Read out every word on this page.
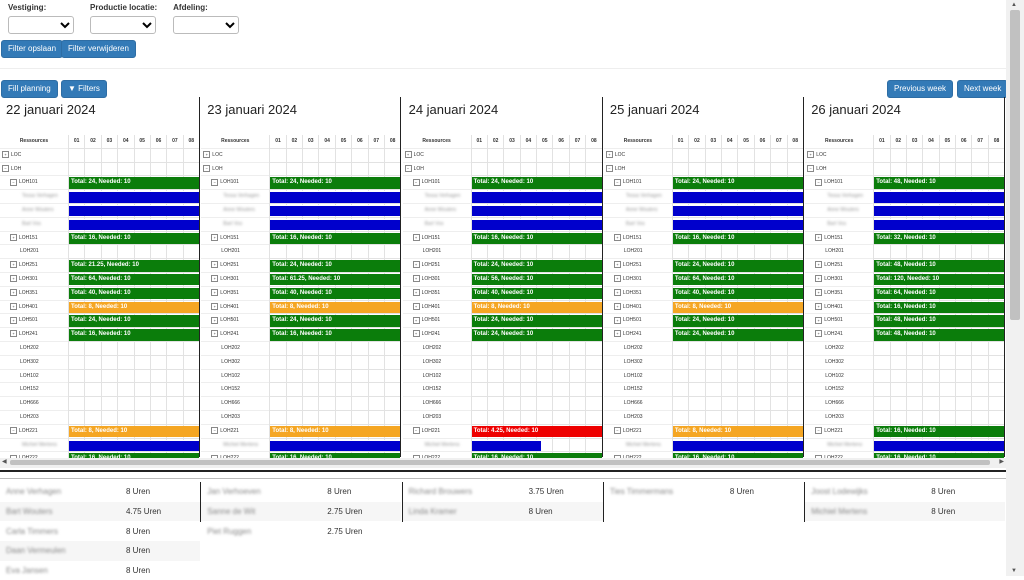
Vestiging:	Productie locatie: Afdeling:
Filter opslaan	Filter verwijderen
Fill planning	▼ Filters	Previous week	Next week
22 januari 2024
Ressources	01	02	03	04	05	06	07	08
+ LOC
− LOH
− LOH101	Total: 24, Needed: 10
Tessa Verhagen
Anne Wouters
Bart Vos
+ LOH151	Total: 16, Needed: 10
LOH201
+ LOH251	Total: 21.25, Needed: 10
+ LOH301	Total: 64, Needed: 10
+ LOH351	Total: 40, Needed: 10
+ LOH401	Total: 8, Needed: 10
+ LOH501	Total: 24, Needed: 10
+ LOH241	Total: 16, Needed: 10
LOH202
LOH302
LOH102
LOH152
LOH666
LOH203
− LOH221	Total: 8, Needed: 10
Michiel Mertens
23 januari 2024
Ressources	01	02	03	04	05	06	07	08
+ LOC
− LOH
− LOH101	Total: 24, Needed: 10
Tessa Verhagen
Anne Wouters
Bart Vos
+ LOH151	Total: 16, Needed: 10
LOH201
+ LOH251	Total: 24, Needed: 10
+ LOH301	Total: 61.25, Needed: 10
+ LOH351	Total: 40, Needed: 10
+ LOH401	Total: 8, Needed: 10
+ LOH501	Total: 24, Needed: 10
+ LOH241	Total: 16, Needed: 10
LOH202
LOH302
LOH102
LOH152
LOH666
LOH203
− LOH221	Total: 8, Needed: 10
Michiel Mertens
24 januari 2024
Ressources	01	02	03	04	05	06	07	08
+ LOC
− LOH
− LOH101	Total: 24, Needed: 10
Tessa Verhagen
Anne Wouters
Bart Vos
+ LOH151	Total: 16, Needed: 10
LOH201
+ LOH251	Total: 24, Needed: 10
+ LOH301	Total: 56, Needed: 10
+ LOH351	Total: 40, Needed: 10
+ LOH401	Total: 8, Needed: 10
+ LOH501	Total: 24, Needed: 10
+ LOH241	Total: 24, Needed: 10
LOH202
LOH302
LOH102
LOH152
LOH666
LOH203
− LOH221	Total: 4.25, Needed: 10
Michiel Mertens
25 januari 2024
Ressources	01	02	03	04	05	06	07	08
+ LOC
− LOH
− LOH101	Total: 24, Needed: 10
Tessa Verhagen
Anne Wouters
Bart Vos
+ LOH151	Total: 16, Needed: 10
LOH201
+ LOH251	Total: 24, Needed: 10
+ LOH301	Total: 64, Needed: 10
+ LOH351	Total: 40, Needed: 10
+ LOH401	Total: 8, Needed: 10
+ LOH501	Total: 24, Needed: 10
+ LOH241	Total: 24, Needed: 10
LOH202
LOH302
LOH102
LOH152
LOH666
LOH203
− LOH221	Total: 8, Needed: 10
Michiel Mertens
26 januari 2024
Ressources	01	02	03	04	05	06	07	08
+ LOC
− LOH
− LOH101	Total: 48, Needed: 10
Tessa Verhagen
Anne Wouters
Bart Vos
+ LOH151	Total: 32, Needed: 10
LOH201
+ LOH251	Total: 48, Needed: 10
+ LOH301	Total: 120, Needed: 10
+ LOH351	Total: 64, Needed: 10
+ LOH401	Total: 16, Needed: 10
+ LOH501	Total: 48, Needed: 10
+ LOH241	Total: 48, Needed: 10
LOH202
LOH302
LOH102
LOH152
LOH666
LOH203
− LOH221	Total: 16, Needed: 10
Michiel Mertens
◀	▶
Anne Verhagen	8 Uren
Bart Wouters	4.75 Uren
Carla Timmers	8 Uren
Daan Vermeulen	8 Uren
Eva Jansen	8 Uren
Jan Verhoeven	8 Uren
Sanne de Wit	2.75 Uren
Piet Ruggen	2.75 Uren
Richard Brouwers	3.75 Uren
Linda Kramer	8 Uren
Ties Timmermans	8 Uren	Joost Lodewijks	8 Uren
Michiel Mertens	8 Uren
▲
▼
